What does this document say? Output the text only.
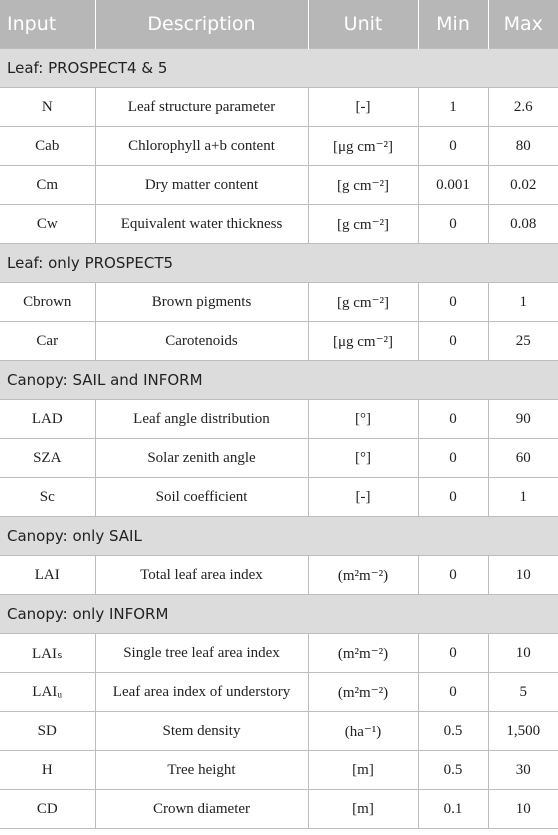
Input	Description	Unit	Min	Max
Leaf: PROSPECT4 & 5				
N	Leaf structure parameter	[-]	1	2.6
Cab	Chlorophyll a+b content	[μg cm⁻²]	0	80
Cm	Dry matter content	[g cm⁻²]	0.001	0.02
Cw	Equivalent water thickness	[g cm⁻²]	0	0.08
Leaf: only PROSPECT5				
Cbrown	Brown pigments	[g cm⁻²]	0	1
Car	Carotenoids	[μg cm⁻²]	0	25
Canopy: SAIL and INFORM				
LAD	Leaf angle distribution	[°]	0	90
SZA	Solar zenith angle	[°]	0	60
Sc	Soil coefficient	[-]	0	1
Canopy: only SAIL				
LAI	Total leaf area index	(m²m⁻²)	0	10
Canopy: only INFORM				
LAIₛ	Single tree leaf area index	(m²m⁻²)	0	10
LAIᵤ	Leaf area index of understory	(m²m⁻²)	0	5
SD	Stem density	(ha⁻¹)	0.5	1,500
H	Tree height	[m]	0.5	30
CD	Crown diameter	[m]	0.1	10
